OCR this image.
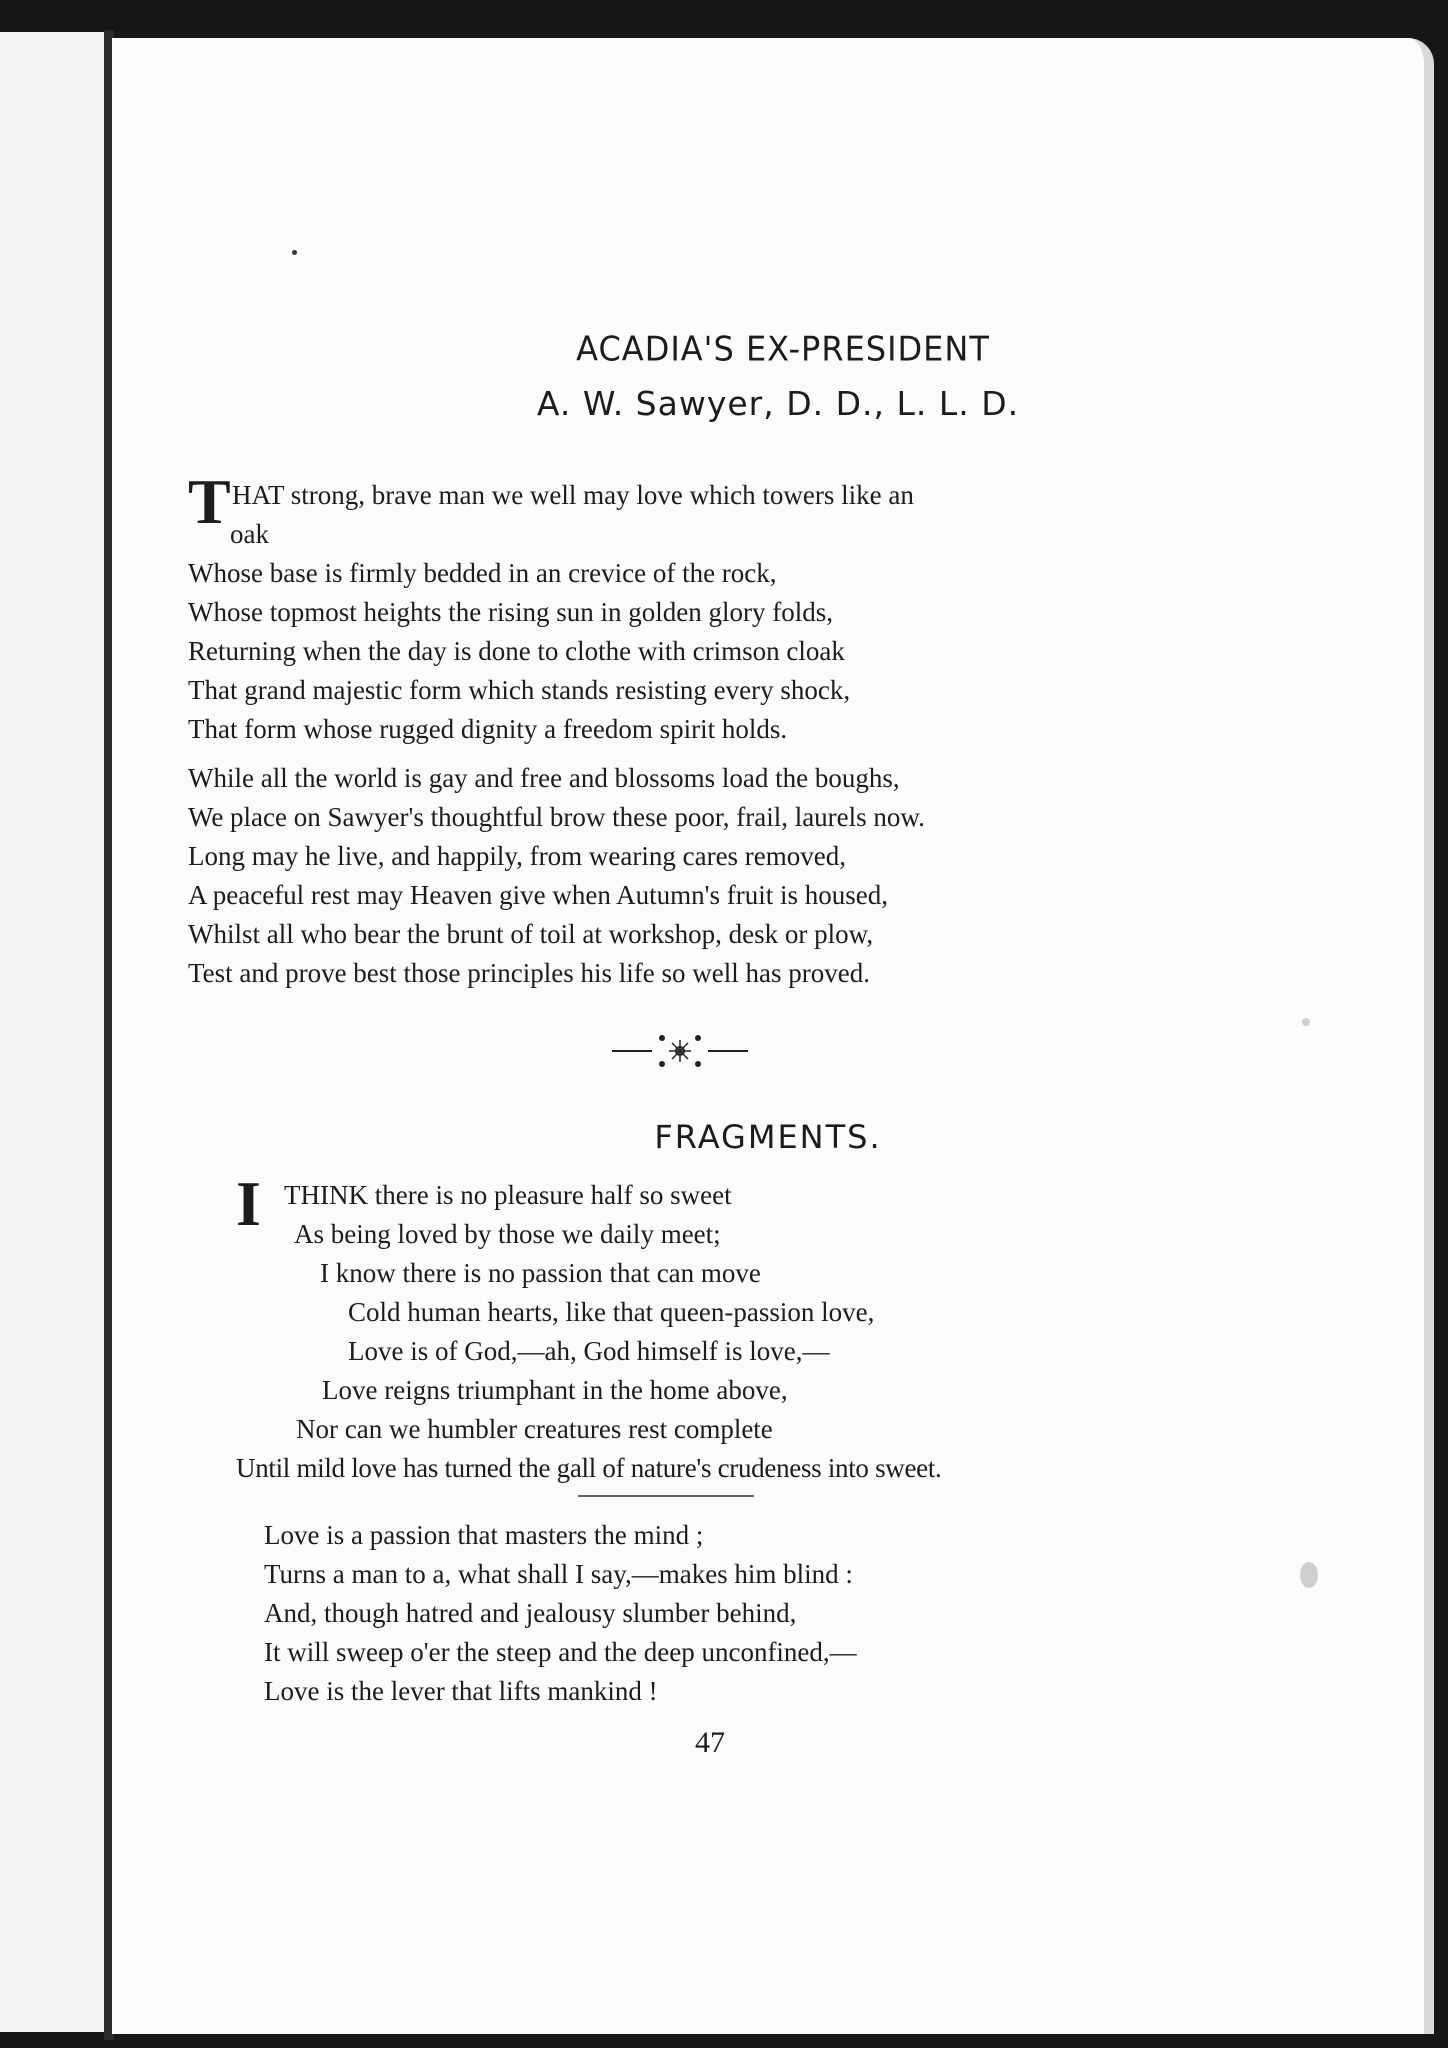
ACADIA'S EX-PRESIDENT
A. W. Sawyer, D. D., L. L. D.
T HAT strong, brave man we well may love which towers like an
oak
Whose base is firmly bedded in an crevice of the rock,
Whose topmost heights the rising sun in golden glory folds,
Returning when the day is done to clothe with crimson cloak
That grand majestic form which stands resisting every shock,
That form whose rugged dignity a freedom spirit holds.
While all the world is gay and free and blossoms load the boughs,
We place on Sawyer's thoughtful brow these poor, frail, laurels now.
Long may he live, and happily, from wearing cares removed,
A peaceful rest may Heaven give when Autumn's fruit is housed,
Whilst all who bear the brunt of toil at workshop, desk or plow,
Test and prove best those principles his life so well has proved.
FRAGMENTS.
I THINK there is no pleasure half so sweet
As being loved by those we daily meet;
I know there is no passion that can move
Cold human hearts, like that queen-passion love,
Love is of God,—ah, God himself is love,—
Love reigns triumphant in the home above,
Nor can we humbler creatures rest complete
Until mild love has turned the gall of nature's crudeness into sweet.
Love is a passion that masters the mind ;
Turns a man to a, what shall I say,—makes him blind :
And, though hatred and jealousy slumber behind,
It will sweep o'er the steep and the deep unconfined,—
Love is the lever that lifts mankind !
47
